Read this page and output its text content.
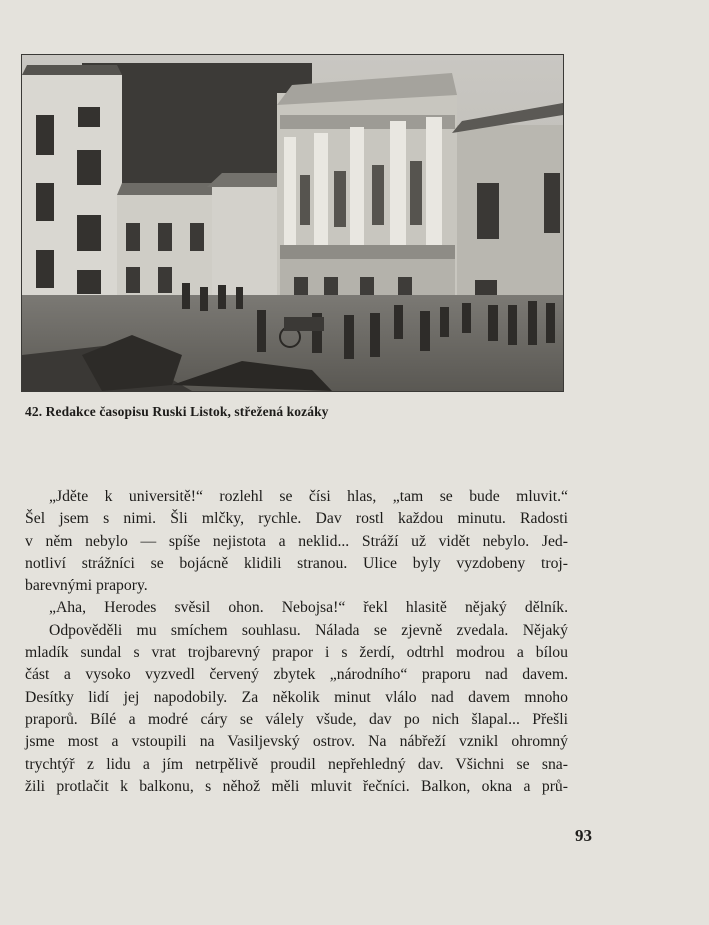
42. Redakce časopisu Ruski Listok, střežená kozáky
„Jděte k universitě!“ rozlehl se čísi hlas, „tam se bude mluvit.“
Šel jsem s nimi. Šli mlčky, rychle. Dav rostl každou minutu. Radosti
v něm nebylo — spíše nejistota a neklid... Stráží už vidět nebylo. Jed-
notliví strážníci se bojácně klidili stranou. Ulice byly vyzdobeny troj-
barevnými prapory.
„Aha, Herodes svěsil ohon. Nebojsa!“ řekl hlasitě nějaký dělník.
Odpověděli mu smíchem souhlasu. Nálada se zjevně zvedala. Nějaký
mladík sundal s vrat trojbarevný prapor i s žerdí, odtrhl modrou a bílou
část a vysoko vyzvedl červený zbytek „národního“ praporu nad davem.
Desítky lidí jej napodobily. Za několik minut vlálo nad davem mnoho
praporů. Bílé a modré cáry se válely všude, dav po nich šlapal... Přešli
jsme most a vstoupili na Vasiljevský ostrov. Na nábřeží vznikl ohromný
trychtýř z lidu a jím netrpělivě proudil nepřehledný dav. Všichni se sna-
žili protlačit k balkonu, s něhož měli mluvit řečníci. Balkon, okna a prů-
93
